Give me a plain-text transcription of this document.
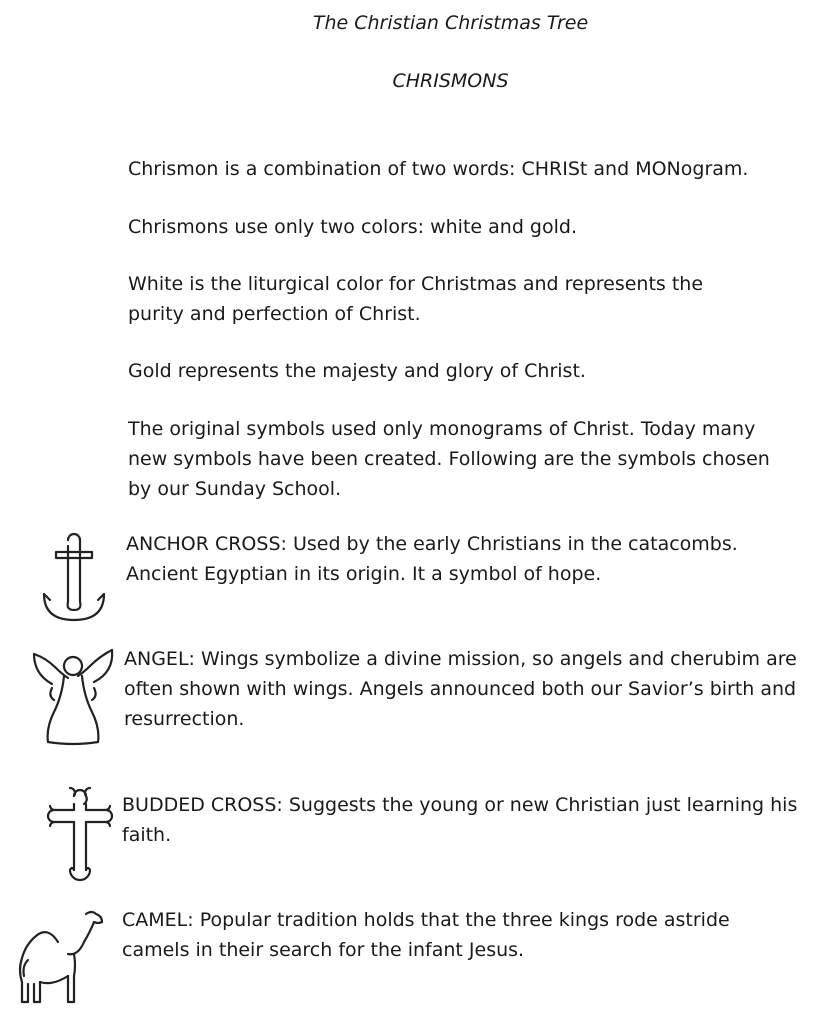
The Christian Christmas Tree
CHRISMONS
Chrismon is a combination of two words: CHRISt and MONogram.
Chrismons use only two colors: white and gold.
White is the liturgical color for Christmas and represents the purity and perfection of Christ.
Gold represents the majesty and glory of Christ.
The original symbols used only monograms of Christ. Today many new symbols have been created. Following are the symbols chosen by our Sunday School.
ANCHOR CROSS: Used by the early Christians in the catacombs. Ancient Egyptian in its origin. It a symbol of hope.
ANGEL: Wings symbolize a divine mission, so angels and cherubim are often shown with wings. Angels announced both our Savior’s birth and resurrection.
BUDDED CROSS: Suggests the young or new Christian just learning his faith.
CAMEL: Popular tradition holds that the three kings rode astride camels in their search for the infant Jesus.
